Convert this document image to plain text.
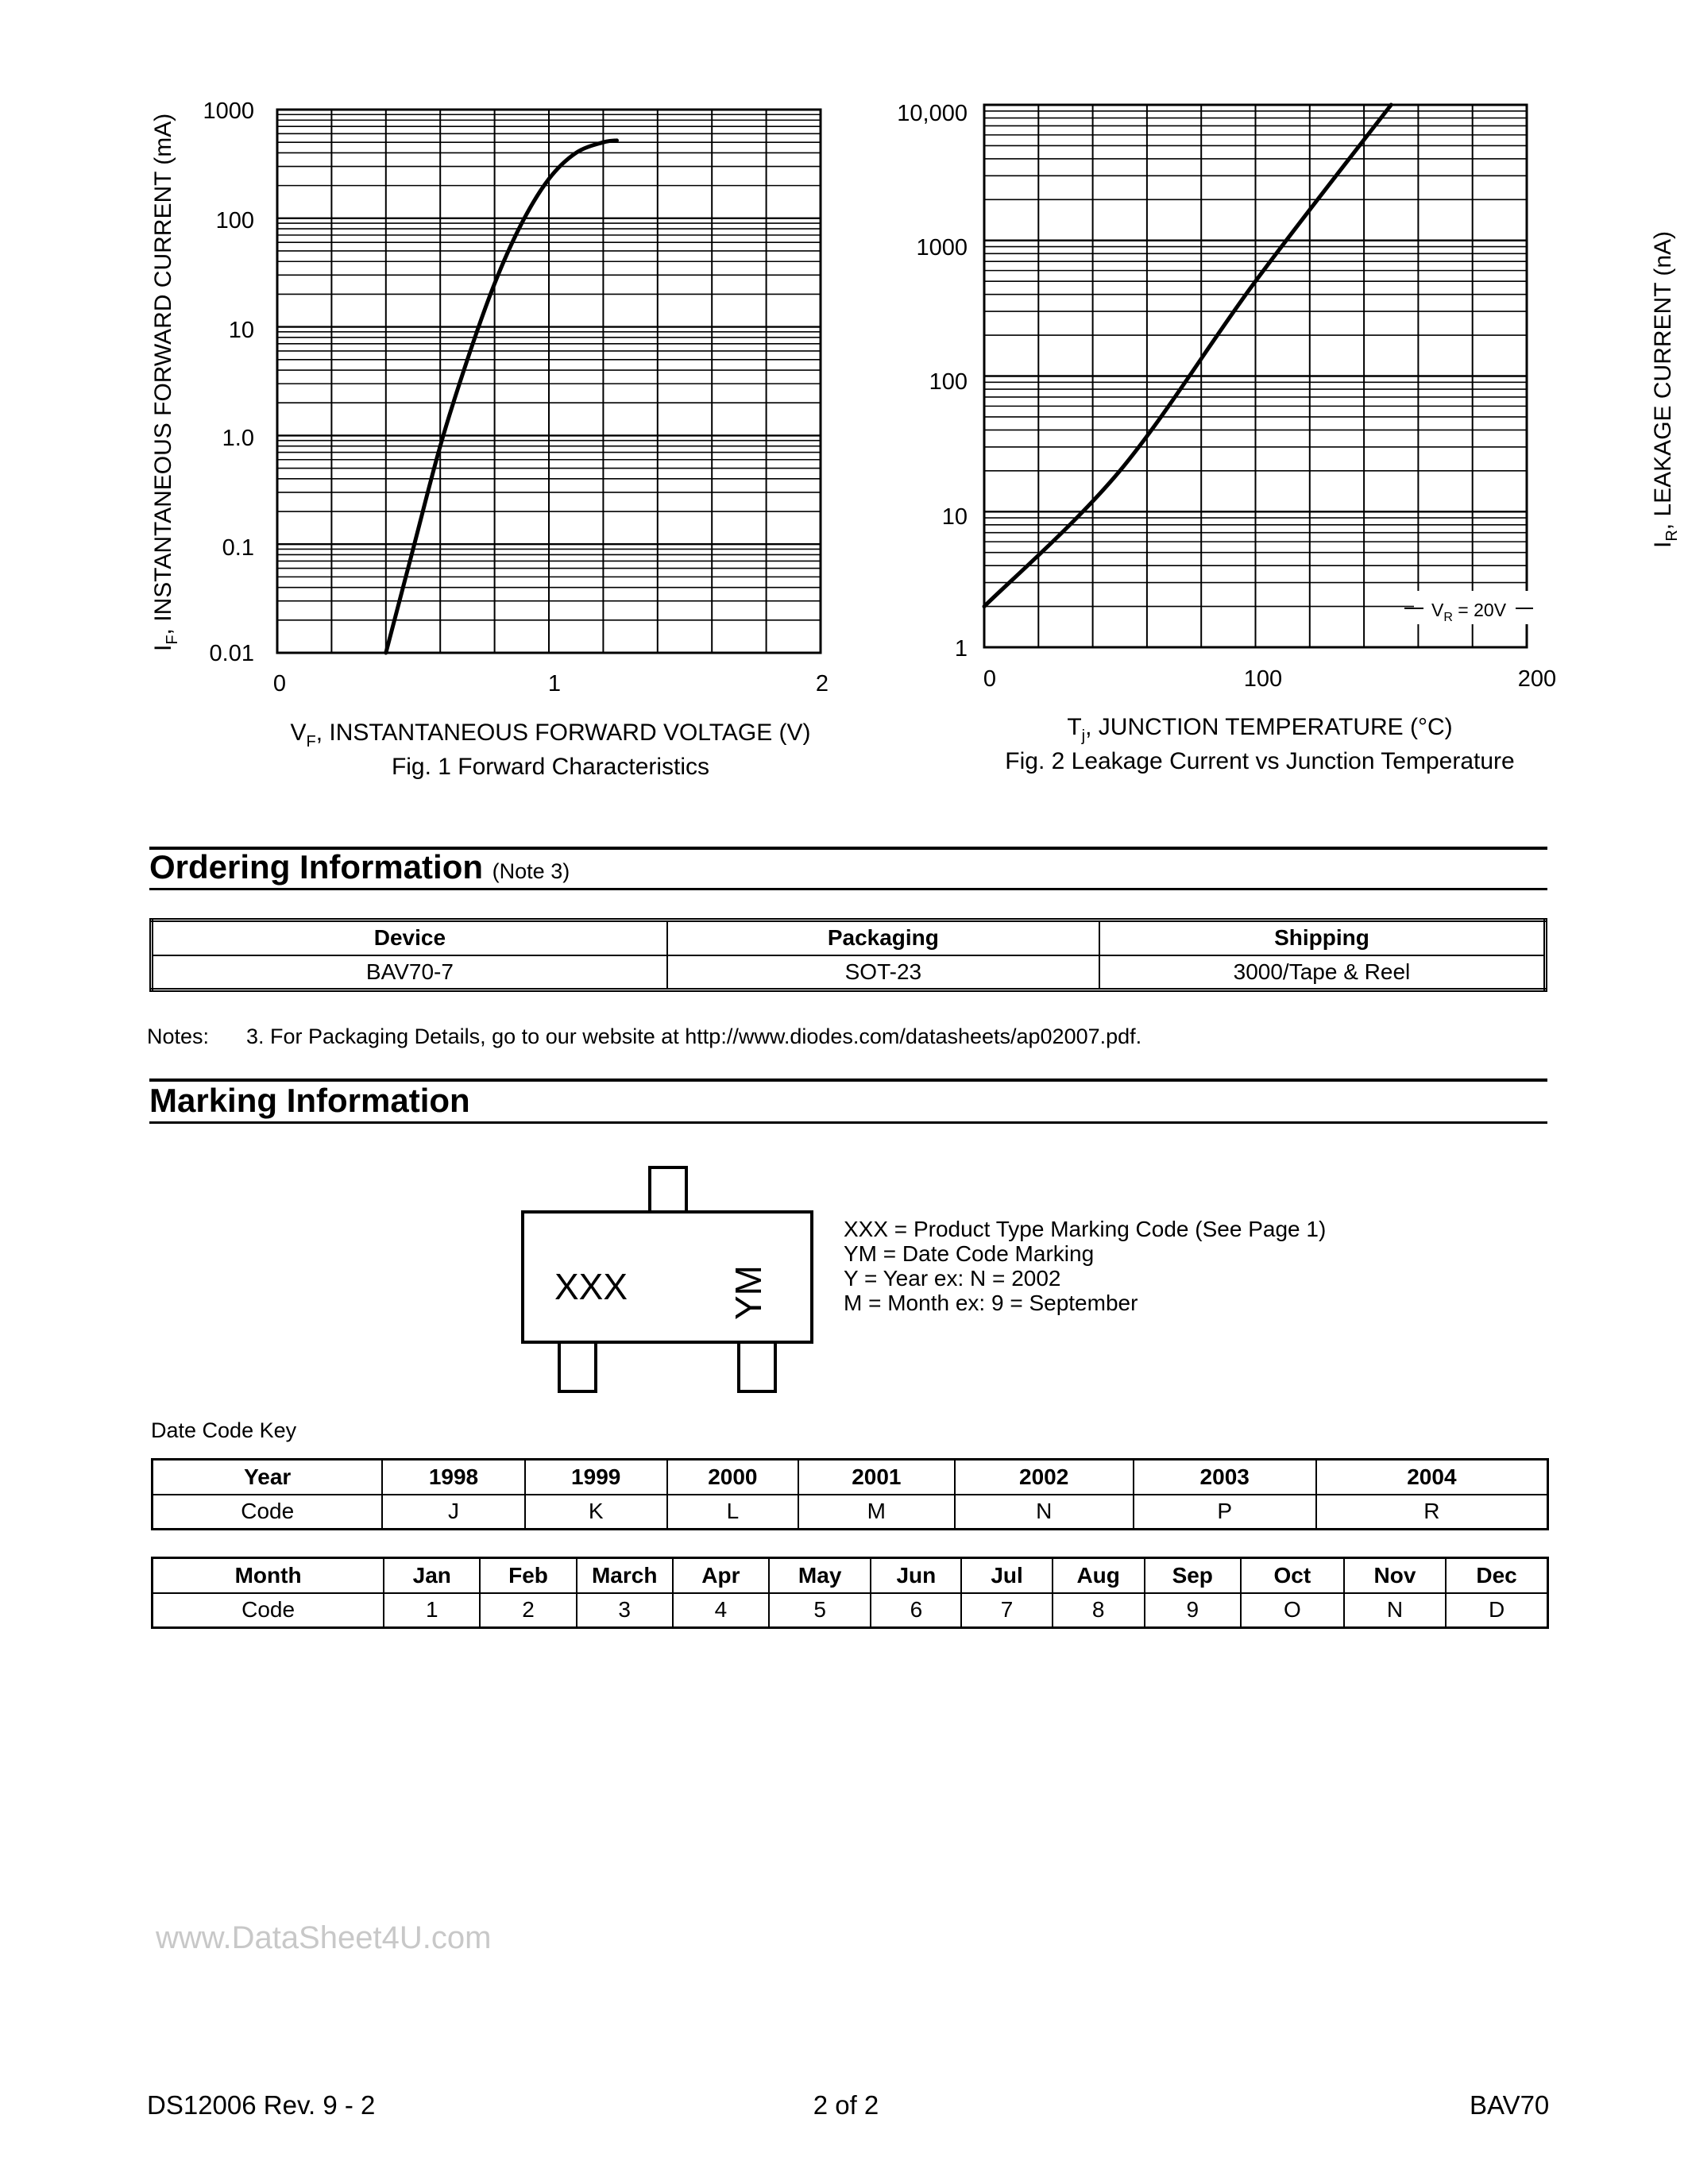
1000
100
10
1.0
0.1
0.01
0	1	2
$I_F$, INSTANTANEOUS FORWARD CURRENT (mA)
$V_F$, INSTANTANEOUS FORWARD VOLTAGE (V)
Fig. 1 Forward Characteristics
$V_R = 20V$
10,000
1000
100
10
1
0	100	200
$I_R$, LEAKAGE CURRENT (nA)
$T_j$, JUNCTION TEMPERATURE (°C)
Fig. 2 Leakage Current vs Junction Temperature
Ordering Information (Note 3)
Device	Packaging	Shipping
BAV70-7	SOT-23	3000/Tape & Reel
Notes: 3. For Packaging Details, go to our website at http://www.diodes.com/datasheets/ap02007.pdf.
Marking Information
XXX	YM
XXX = Product Type Marking Code (See Page 1)
YM = Date Code Marking
Y = Year ex: N = 2002
M = Month ex: 9 = September
Date Code Key
Year	1998	1999	2000	2001	2002	2003	2004
Code	J	K	L	M	N	P	R
Month	Jan	Feb	March	Apr	May	Jun	Jul	Aug	Sep	Oct	Nov	Dec
Code	1	2	3	4	5	6	7	8	9	O	N	D
www.DataSheet4U.com
DS12006 Rev. 9 - 2	2 of 2	BAV70
